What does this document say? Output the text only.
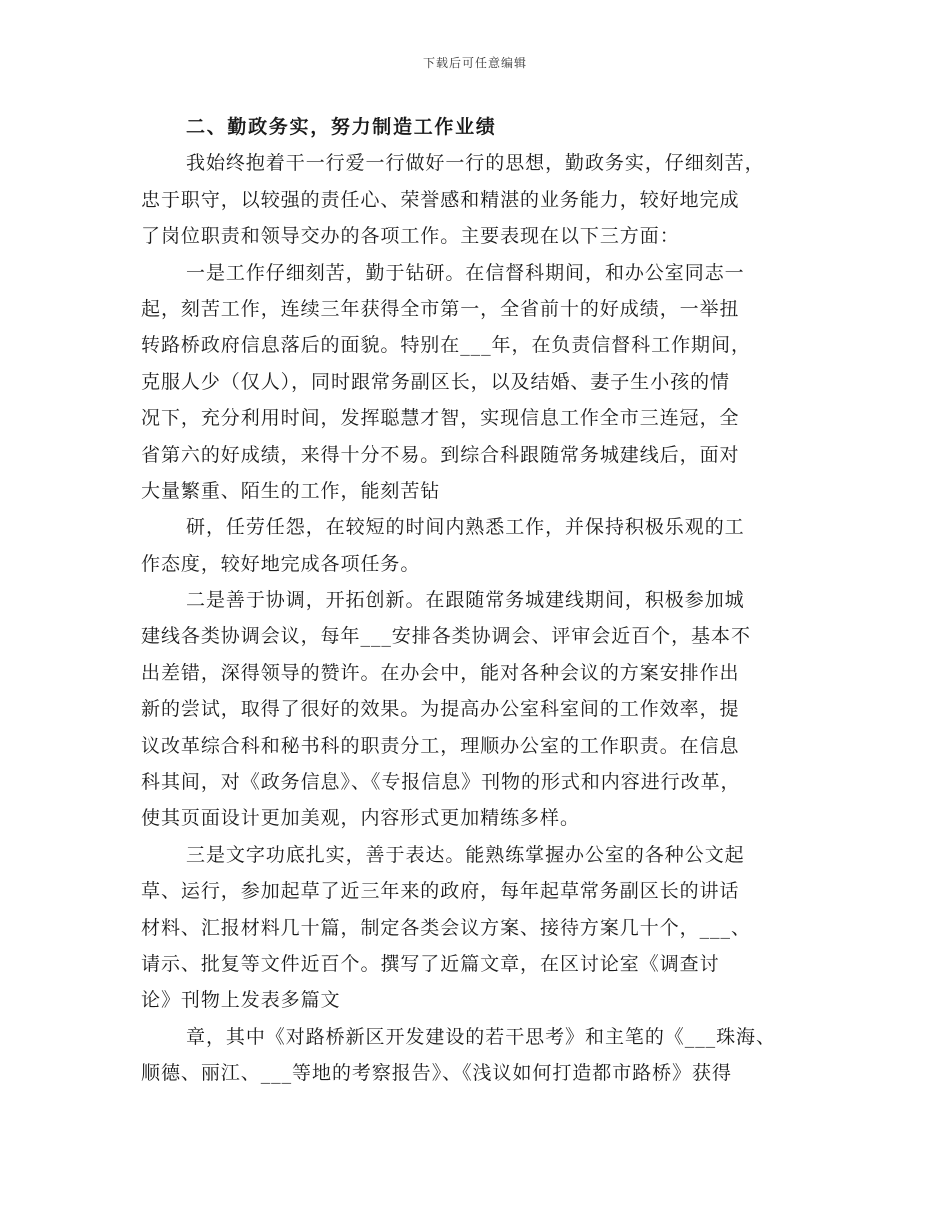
下载后可任意编辑
二、勤政务实，努力制造工作业绩
我始终抱着干一行爱一行做好一行的思想，勤政务实，仔细刻苦，
忠于职守，以较强的责任心、荣誉感和精湛的业务能力，较好地完成
了岗位职责和领导交办的各项工作。主要表现在以下三方面：
一是工作仔细刻苦，勤于钻研。在信督科期间，和办公室同志一
起，刻苦工作，连续三年获得全市第一，全省前十的好成绩，一举扭
转路桥政府信息落后的面貌。特别在___年，在负责信督科工作期间，
克服人少（仅人），同时跟常务副区长，以及结婚、妻子生小孩的情
况下，充分利用时间，发挥聪慧才智，实现信息工作全市三连冠，全
省第六的好成绩，来得十分不易。到综合科跟随常务城建线后，面对
大量繁重、陌生的工作，能刻苦钻
研，任劳任怨，在较短的时间内熟悉工作，并保持积极乐观的工
作态度，较好地完成各项任务。
二是善于协调，开拓创新。在跟随常务城建线期间，积极参加城
建线各类协调会议，每年___安排各类协调会、评审会近百个，基本不
出差错，深得领导的赞许。在办会中，能对各种会议的方案安排作出
新的尝试，取得了很好的效果。为提高办公室科室间的工作效率，提
议改革综合科和秘书科的职责分工，理顺办公室的工作职责。在信息
科其间，对《政务信息》、《专报信息》刊物的形式和内容进行改革，
使其页面设计更加美观，内容形式更加精练多样。
三是文字功底扎实，善于表达。能熟练掌握办公室的各种公文起
草、运行，参加起草了近三年来的政府，每年起草常务副区长的讲话
材料、汇报材料几十篇，制定各类会议方案、接待方案几十个，___、
请示、批复等文件近百个。撰写了近篇文章，在区讨论室《调查讨
论》刊物上发表多篇文
章，其中《对路桥新区开发建设的若干思考》和主笔的《___珠海、
顺德、丽江、___等地的考察报告》、《浅议如何打造都市路桥》获得
